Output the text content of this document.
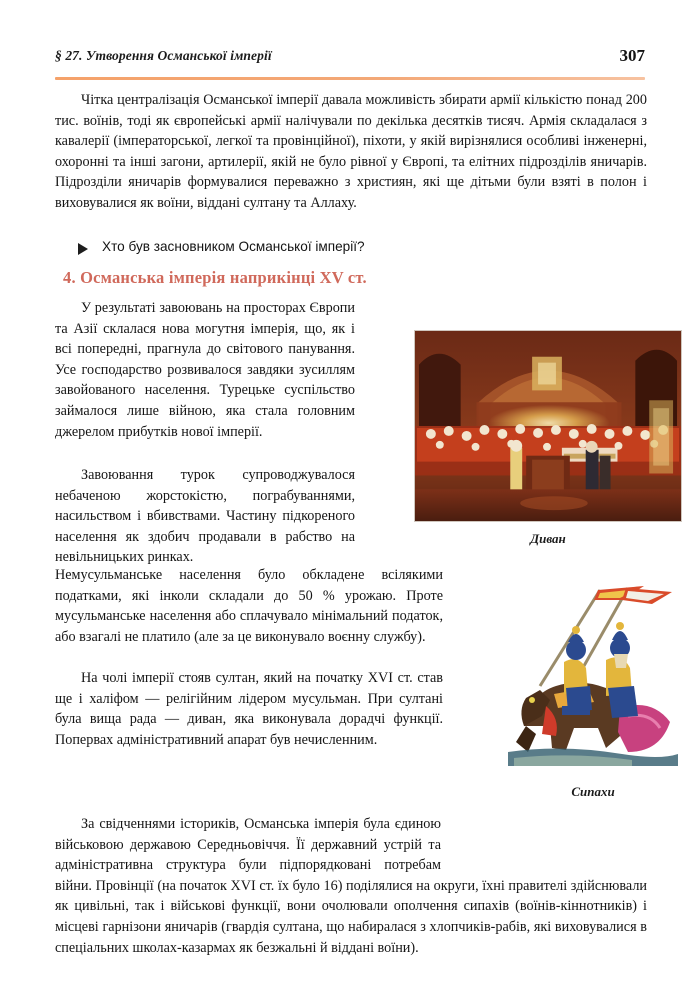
§ 27. Утворення Османської імперії	307

Чітка централізація Османської імперії давала можливість збирати армії кількістю понад 200 тис. воїнів, тоді як європейські армії налічували по декілька десятків тисяч. Армія складалася з кавалерії (імператорської, легкої та провінційної), піхоти, у якій вирізнялися особливі інженерні, охоронні та інші загони, артилерії, якій не було рівної у Європі, та елітних підрозділів яничарів. Підрозділи яничарів формувалися переважно з християн, які ще дітьми були взяті в полон і виховувалися як воїни, віддані султану та Аллаху.

Хто був засновником Османської імперії?
4. Османська імперія наприкінці XV ст.
Диван

У результаті завоювань на просторах Європи та Азії склалася нова могутня імперія, що, як і всі попередні, прагнула до світового панування. Усе господарство розвивалося завдяки зусиллям завойованого населення. Турецьке суспільство займалося лише війною, яка стала головним джерелом прибутків нової імперії.

Завоювання турок супроводжувалося небаченою жорстокістю, пограбуваннями, насильством і вбивствами. Частину підкореного населення як здобич продавали в рабство на невільницьких ринках.

Сипахи

Немусульманське населення було обкладене всілякими податками, які інколи складали до 50 % урожаю. Проте мусульманське населення або сплачувало мінімальний податок, або взагалі не платило (але за це виконувало воєнну службу).

На чолі імперії стояв султан, який на початку XVI ст. став ще і халіфом — релігійним лідером мусульман. При султані була вища рада — диван, яка виконувала дорадчі функції. Попервах адміністративний апарат був нечисленним.

За свідченнями істориків, Османська імперія була єдиною військовою державою Середньовіччя. Її державний устрій та адміністративна структура були підпорядковані потребам війни. Провінції (на початок XVI ст. їх було 16) поділялися на округи, їхні правителі здійснювали як цивільні, так і військові функції, вони очолювали ополчення сипахів (воїнів-кіннотників) і місцеві гарнізони яничарів (гвардія султана, що набиралася з хлопчиків-рабів, які виховувалися в спеціальних школах-казармах як безжальні й віддані воїни).
